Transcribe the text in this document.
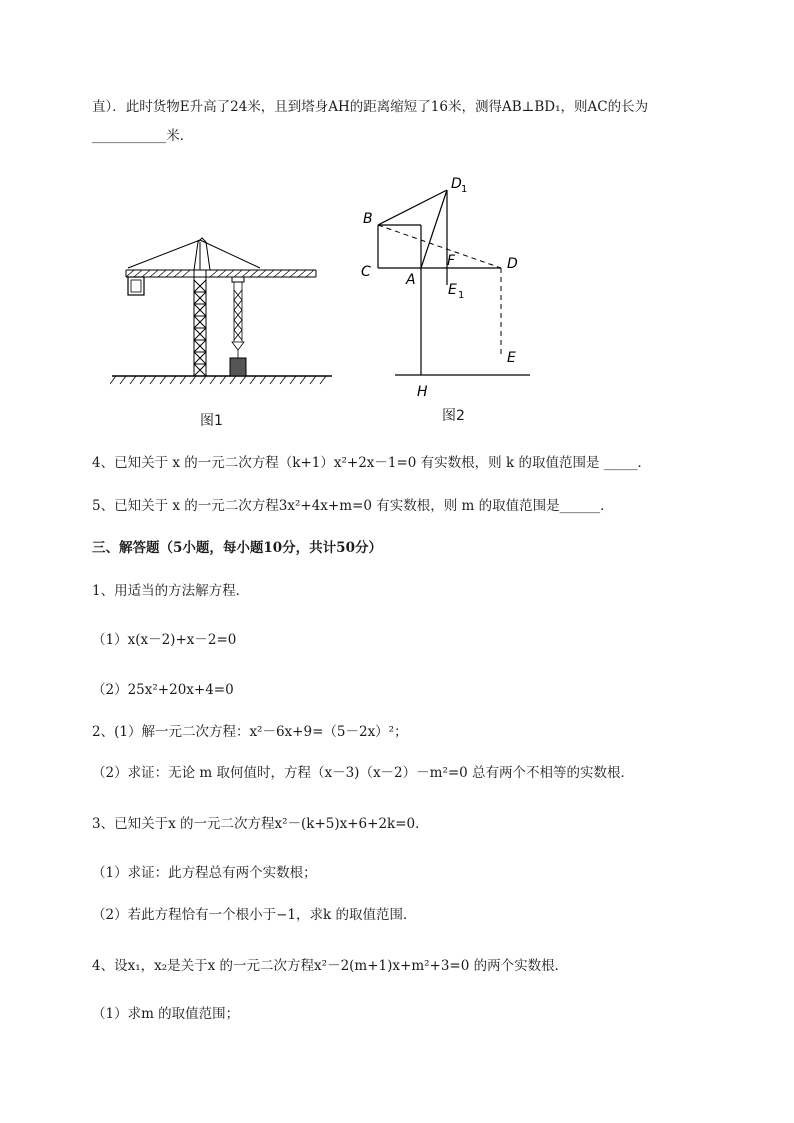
直）．此时货物E升高了24米，且到塔身AH的距离缩短了16米，测得AB⊥BD₁，则AC的长为
___________米．
图1
D 1
B
C	A
F	D
E 1
E
H
图2
4、已知关于 x 的一元二次方程（k+1）x²+2x－1=0 有实数根，则 k 的取值范围是 _____．
5、已知关于 x 的一元二次方程3x²+4x+m=0 有实数根，则 m 的取值范围是______．
三、解答题（5小题，每小题10分，共计50分）
1、用适当的方法解方程．
（1）x(x－2)+x－2=0
（2）25x²+20x+4=0
2、(1）解一元二次方程：x²－6x+9=（5－2x）²；
（2）求证：无论 m 取何值时，方程（x－3)（x－2）－m²=0 总有两个不相等的实数根．
3、已知关于x 的一元二次方程x²－(k+5)x+6+2k=0．
（1）求证：此方程总有两个实数根；
（2）若此方程恰有一个根小于−1，求k 的取值范围．
4、设x₁，x₂是关于x 的一元二次方程x²－2(m+1)x+m²+3=0 的两个实数根．
（1）求m 的取值范围；
